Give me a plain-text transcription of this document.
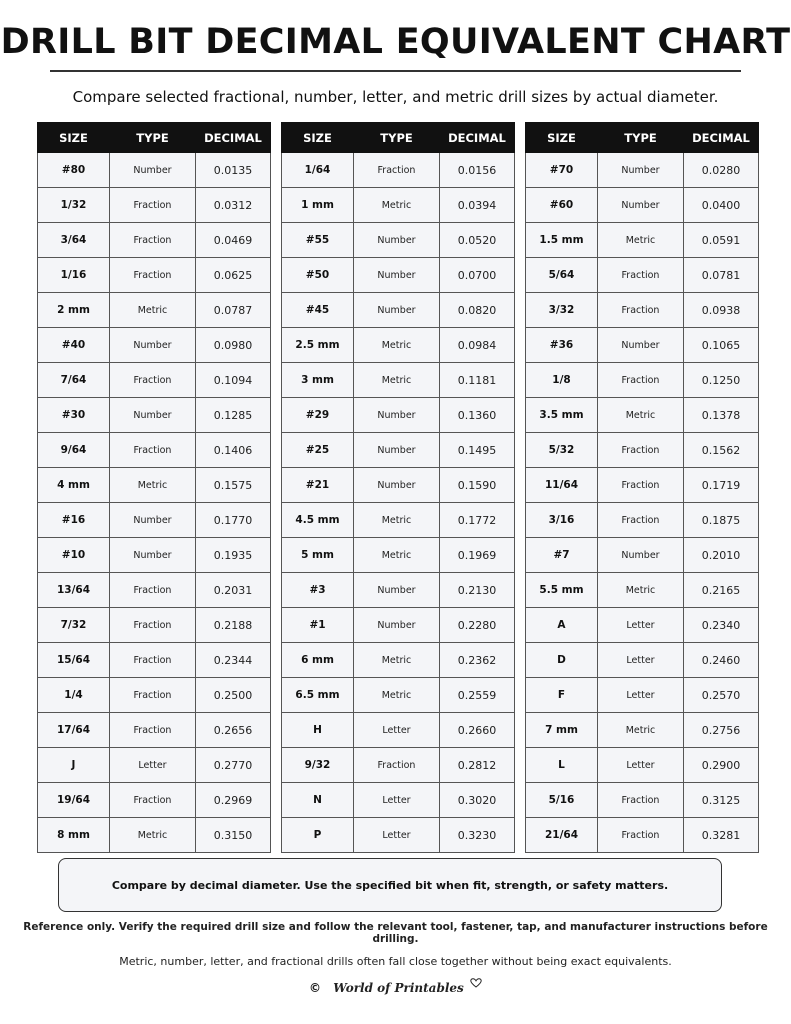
DRILL BIT DECIMAL EQUIVALENT CHART
Compare selected fractional, number, letter, and metric drill sizes by actual diameter.
SIZE	TYPE	DECIMAL
#80	Number	0.0135
1/32	Fraction	0.0312
3/64	Fraction	0.0469
1/16	Fraction	0.0625
2 mm	Metric	0.0787
#40	Number	0.0980
7/64	Fraction	0.1094
#30	Number	0.1285
9/64	Fraction	0.1406
4 mm	Metric	0.1575
#16	Number	0.1770
#10	Number	0.1935
13/64	Fraction	0.2031
7/32	Fraction	0.2188
15/64	Fraction	0.2344
1/4	Fraction	0.2500
17/64	Fraction	0.2656
J	Letter	0.2770
19/64	Fraction	0.2969
8 mm	Metric	0.3150
SIZE	TYPE	DECIMAL
1/64	Fraction	0.0156
1 mm	Metric	0.0394
#55	Number	0.0520
#50	Number	0.0700
#45	Number	0.0820
2.5 mm	Metric	0.0984
3 mm	Metric	0.1181
#29	Number	0.1360
#25	Number	0.1495
#21	Number	0.1590
4.5 mm	Metric	0.1772
5 mm	Metric	0.1969
#3	Number	0.2130
#1	Number	0.2280
6 mm	Metric	0.2362
6.5 mm	Metric	0.2559
H	Letter	0.2660
9/32	Fraction	0.2812
N	Letter	0.3020
P	Letter	0.3230
SIZE	TYPE	DECIMAL
#70	Number	0.0280
#60	Number	0.0400
1.5 mm	Metric	0.0591
5/64	Fraction	0.0781
3/32	Fraction	0.0938
#36	Number	0.1065
1/8	Fraction	0.1250
3.5 mm	Metric	0.1378
5/32	Fraction	0.1562
11/64	Fraction	0.1719
3/16	Fraction	0.1875
#7	Number	0.2010
5.5 mm	Metric	0.2165
A	Letter	0.2340
D	Letter	0.2460
F	Letter	0.2570
7 mm	Metric	0.2756
L	Letter	0.2900
5/16	Fraction	0.3125
21/64	Fraction	0.3281
Compare by decimal diameter. Use the specified bit when fit, strength, or safety matters.
Reference only. Verify the required drill size and follow the relevant tool, fastener, tap, and manufacturer instructions before drilling.
Metric, number, letter, and fractional drills often fall close together without being exact equivalents.
© World of Printables
